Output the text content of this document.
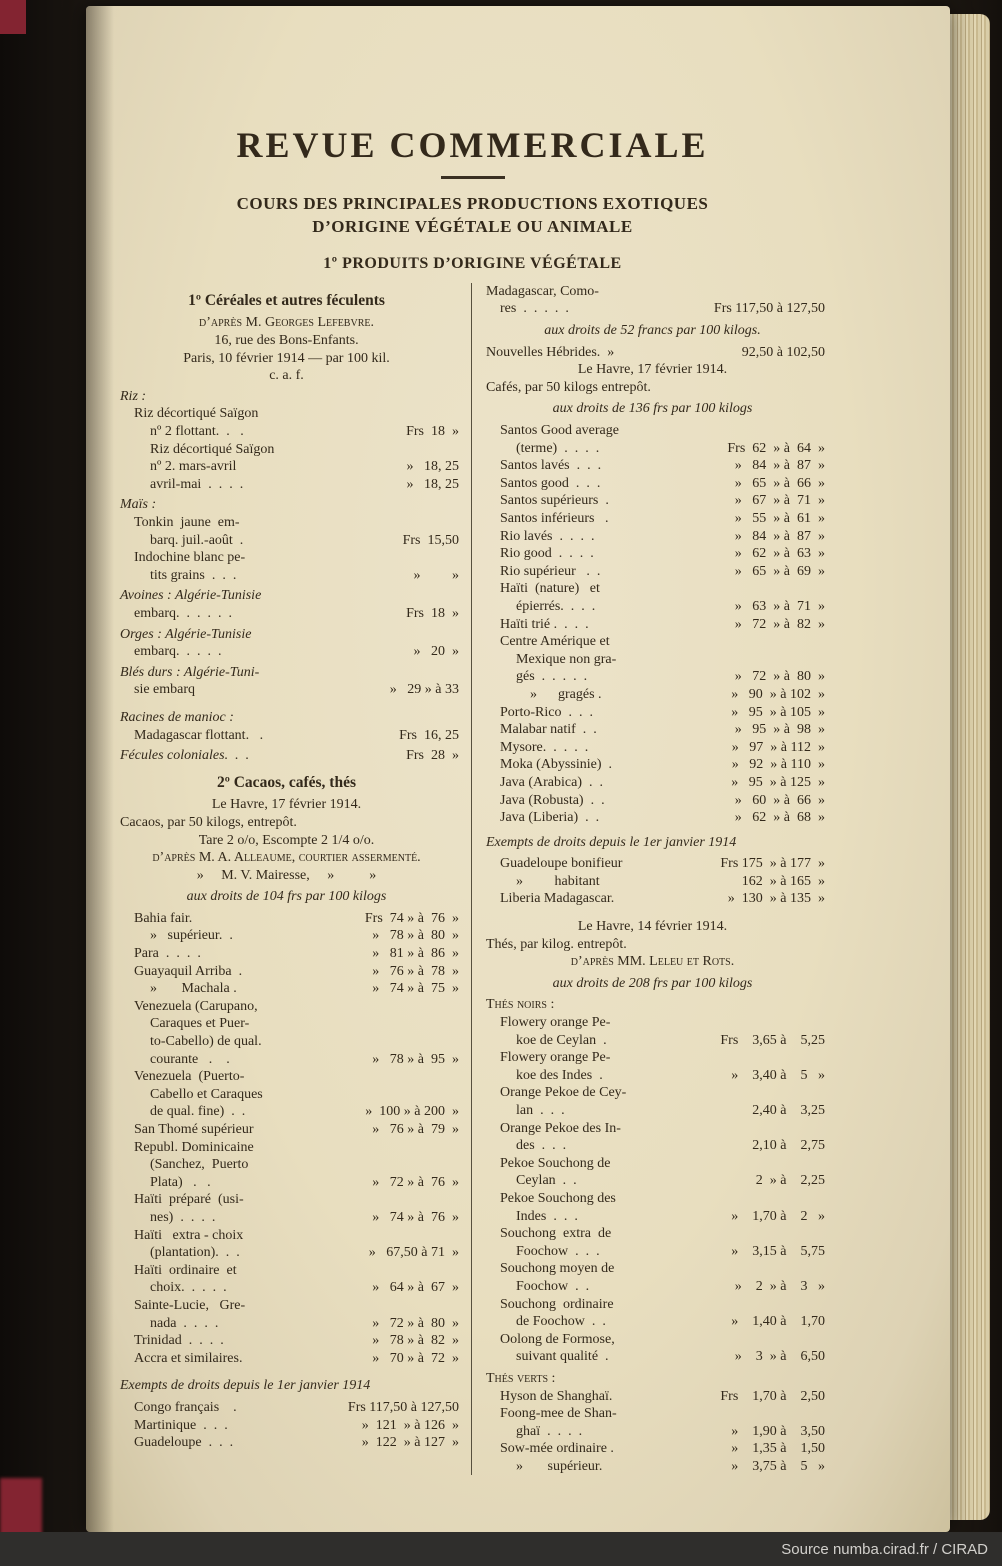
REVUE COMMERCIALE
COURS DES PRINCIPALES PRODUCTIONS EXOTIQUES
D’ORIGINE VÉGÉTALE OU ANIMALE
1º PRODUITS D’ORIGINE VÉGÉTALE
1º Céréales et autres féculents
d’après M. Georges Lefebvre.
16, rue des Bons-Enfants.
Paris, 10 février 1914 — par 100 kil.
c. a. f.
Riz :
Riz décortiqué Saïgon
nº 2 flottant.  .   .	Frs  18  »
Riz décortiqué Saïgon
nº 2. mars-avril	»   18, 25
avril-mai  .  .  .  .	»   18, 25
Maïs :
Tonkin  jaune  em-
barq. juil.-août  .	Frs  15,50
Indochine blanc pe-
tits grains  .  .  .	»         »
Avoines : Algérie-Tunisie
embarq.  .  .  .  .  .	Frs  18  »
Orges : Algérie-Tunisie
embarq.  .  .  .  .	»   20  »
Blés durs : Algérie-Tuni-
sie embarq	»   29 » à 33
Racines de manioc :
Madagascar flottant.   .	Frs  16, 25
Fécules coloniales.  .  .	Frs  28  »
2º Cacaos, cafés, thés
Le Havre, 17 février 1914.
Cacaos, par 50 kilogs, entrepôt.
Tare 2 o/o, Escompte 2 1/4 o/o.
d’après M. A. Alleaume, courtier assermenté.
»     M. V. Mairesse,     »          »
aux droits de 104 frs par 100 kilogs
Bahia fair.	Frs  74 » à  76  »
»   supérieur.  .	»   78 » à  80  »
Para  .  .  .  .	»   81 » à  86  »
Guayaquil Arriba  .	»   76 » à  78  »
»       Machala .	»   74 » à  75  »
Venezuela (Carupano,
Caraques et Puer-
to-Cabello) de qual.
courante   .    .	»   78 » à  95  »
Venezuela  (Puerto-
Cabello et Caraques
de qual. fine)  .  .	»  100 » à 200  »
San Thomé supérieur	»   76 » à  79  »
Republ. Dominicaine
(Sanchez,  Puerto
Plata)   .   .	»   72 » à  76  »
Haïti  préparé  (usi-
nes)  .  .  .  .	»   74 » à  76  »
Haïti   extra - choix
(plantation).  .  .	»   67,50 à 71  »
Haïti  ordinaire  et
choix.  .  .  .  .	»   64 » à  67  »
Sainte-Lucie,   Gre-
nada  .  .  .  .	»   72 » à  80  »
Trinidad  .  .  .  .	»   78 » à  82  »
Accra et similaires.	»   70 » à  72  »
Exempts de droits depuis le 1er janvier 1914
Congo français    .	Frs 117,50 à 127,50
Martinique  .  .  .	»  121  » à 126  »
Guadeloupe  .  .  .	»  122  » à 127  »
Madagascar, Como-
res  .  .  .  .  .	Frs 117,50 à 127,50
aux droits de 52 francs par 100 kilogs.
Nouvelles Hébrides.  »	92,50 à 102,50
Le Havre, 17 février 1914.
Cafés, par 50 kilogs entrepôt.
aux droits de 136 frs par 100 kilogs
Santos Good average
(terme)  .  .  .  .	Frs  62  » à  64  »
Santos lavés  .  .  .	»   84  » à  87  »
Santos good  .  .  .	»   65  » à  66  »
Santos supérieurs  .	»   67  » à  71  »
Santos inférieurs   .	»   55  » à  61  »
Rio lavés  .  .  .  .	»   84  » à  87  »
Rio good  .  .  .  .	»   62  » à  63  »
Rio supérieur   .  .	»   65  » à  69  »
Haïti  (nature)   et
épierrés.  .  .  .	»   63  » à  71  »
Haïti trié .  .  .  .	»   72  » à  82  »
Centre Amérique et
Mexique non gra-
gés  .  .  .  .  .	»   72  » à  80  »
»      gragés .	»   90  » à 102  »
Porto-Rico  .  .  .	»   95  » à 105  »
Malabar natif  .  .	»   95  » à  98  »
Mysore.  .  .  .  .	»   97  » à 112  »
Moka (Abyssinie)  .	»   92  » à 110  »
Java (Arabica)  .  .	»   95  » à 125  »
Java (Robusta)  .  .	»   60  » à  66  »
Java (Liberia)  .  .	»   62  » à  68  »
Exempts de droits depuis le 1er janvier 1914
Guadeloupe bonifieur	Frs 175  » à 177  »
»         habitant	162  » à 165  »
Liberia Madagascar.	»  130  » à 135  »
Le Havre, 14 février 1914.
Thés, par kilog. entrepôt.
d’après MM. Leleu et Rots.
aux droits de 208 frs par 100 kilogs
Thés noirs :
Flowery orange Pe-
koe de Ceylan  .	Frs    3,65 à    5,25
Flowery orange Pe-
koe des Indes  .	»    3,40 à    5   »
Orange Pekoe de Cey-
lan  .  .  .	2,40 à    3,25
Orange Pekoe des In-
des  .  .  .	2,10 à    2,75
Pekoe Souchong de
Ceylan  .  .	2  » à    2,25
Pekoe Souchong des
Indes  .  .  .	»    1,70 à    2   »
Souchong  extra  de
Foochow  .  .  .	»    3,15 à    5,75
Souchong moyen de
Foochow  .  .	»    2  » à    3   »
Souchong  ordinaire
de Foochow  .  .	»    1,40 à    1,70
Oolong de Formose,
suivant qualité  .	»    3  » à    6,50
Thés verts :
Hyson de Shanghaï.	Frs    1,70 à    2,50
Foong-mee de Shan-
ghaï  .  .  .  .	»    1,90 à    3,50
Sow-mée ordinaire .	»    1,35 à    1,50
»       supérieur.	»    3,75 à    5   »
Source numba.cirad.fr / CIRAD
